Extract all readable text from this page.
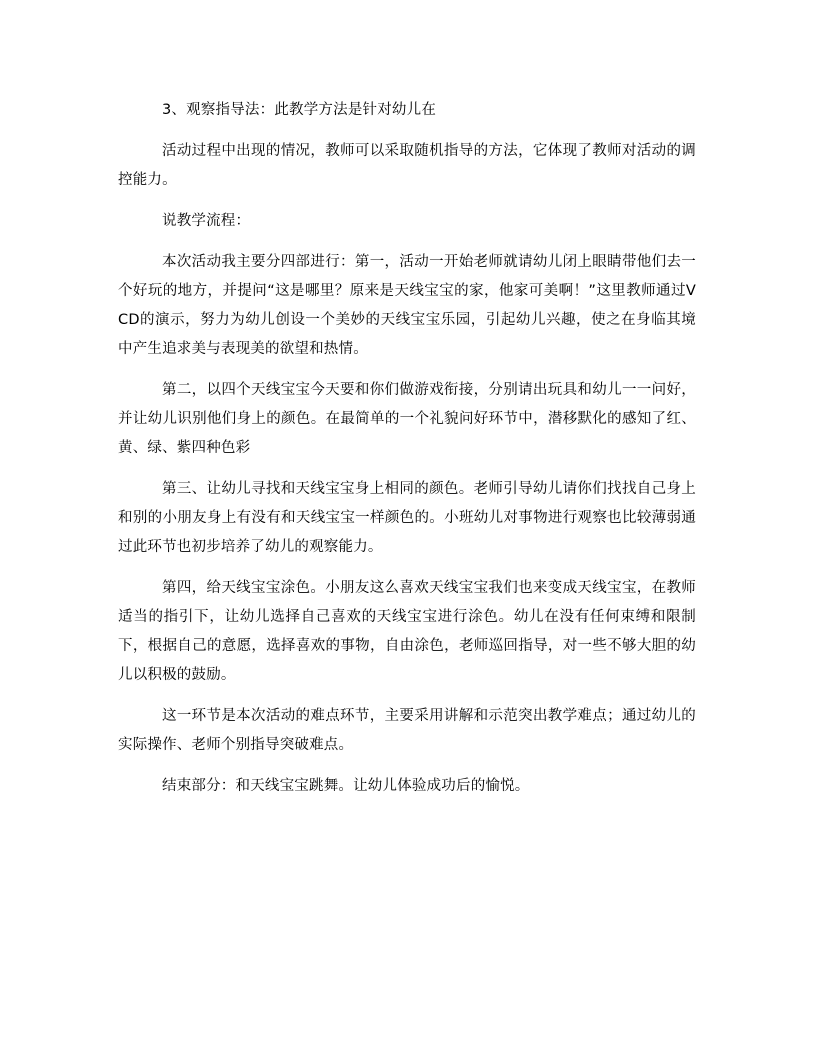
3、观察指导法：此教学方法是针对幼儿在

活动过程中出现的情况，教师可以采取随机指导的方法，它体现了教师对活动的调控能力。

说教学流程：

本次活动我主要分四部进行：第一，活动一开始老师就请幼儿闭上眼睛带他们去一个好玩的地方，并提问“这是哪里？原来是天线宝宝的家，他家可美啊！”这里教师通过VCD的演示，努力为幼儿创设一个美妙的天线宝宝乐园，引起幼儿兴趣，使之在身临其境中产生追求美与表现美的欲望和热情。

第二，以四个天线宝宝今天要和你们做游戏衔接，分别请出玩具和幼儿一一问好，并让幼儿识别他们身上的颜色。在最简单的一个礼貌问好环节中，潜移默化的感知了红、黄、绿、紫四种色彩

第三、让幼儿寻找和天线宝宝身上相同的颜色。老师引导幼儿请你们找找自己身上和别的小朋友身上有没有和天线宝宝一样颜色的。小班幼儿对事物进行观察也比较薄弱通过此环节也初步培养了幼儿的观察能力。

第四，给天线宝宝涂色。小朋友这么喜欢天线宝宝我们也来变成天线宝宝，在教师适当的指引下，让幼儿选择自己喜欢的天线宝宝进行涂色。幼儿在没有任何束缚和限制下，根据自己的意愿，选择喜欢的事物，自由涂色，老师巡回指导，对一些不够大胆的幼儿以积极的鼓励。

这一环节是本次活动的难点环节，主要采用讲解和示范突出教学难点；通过幼儿的实际操作、老师个别指导突破难点。

结束部分：和天线宝宝跳舞。让幼儿体验成功后的愉悦。
